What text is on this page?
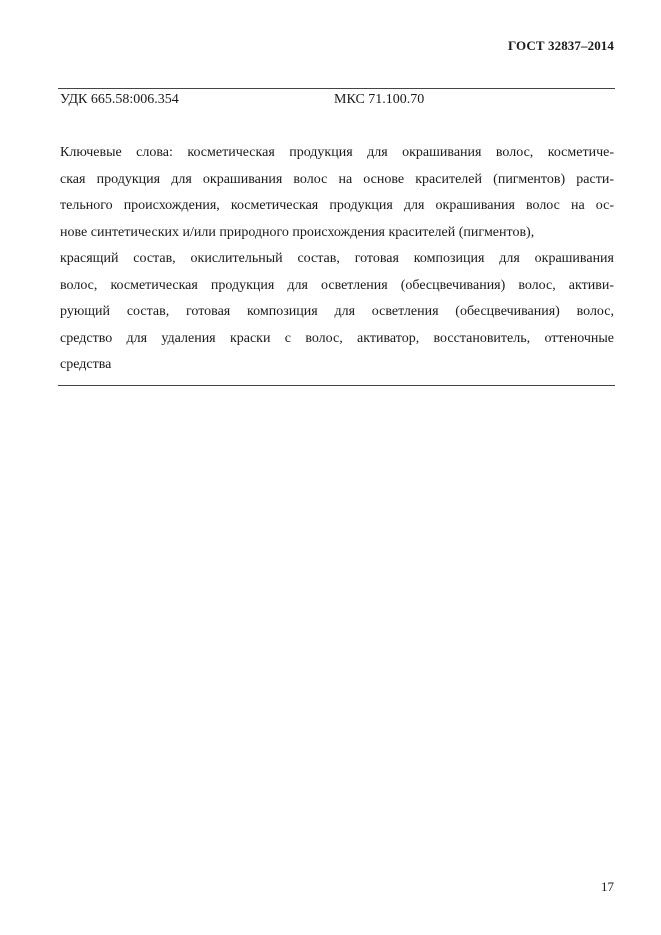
ГОСТ 32837–2014
УДК 665.58:006.354	МКС 71.100.70
Ключевые слова: косметическая продукция для окрашивания волос, косметиче-
ская продукция для окрашивания волос на основе красителей (пигментов) расти-
тельного происхождения, косметическая продукция для окрашивания волос на ос-
нове синтетических и/или природного происхождения красителей (пигментов),
красящий состав, окислительный состав, готовая композиция для окрашивания
волос, косметическая продукция для осветления (обесцвечивания) волос, активи-
рующий состав, готовая композиция для осветления (обесцвечивания) волос,
средство для удаления краски с волос, активатор, восстановитель, оттеночные
средства
17
